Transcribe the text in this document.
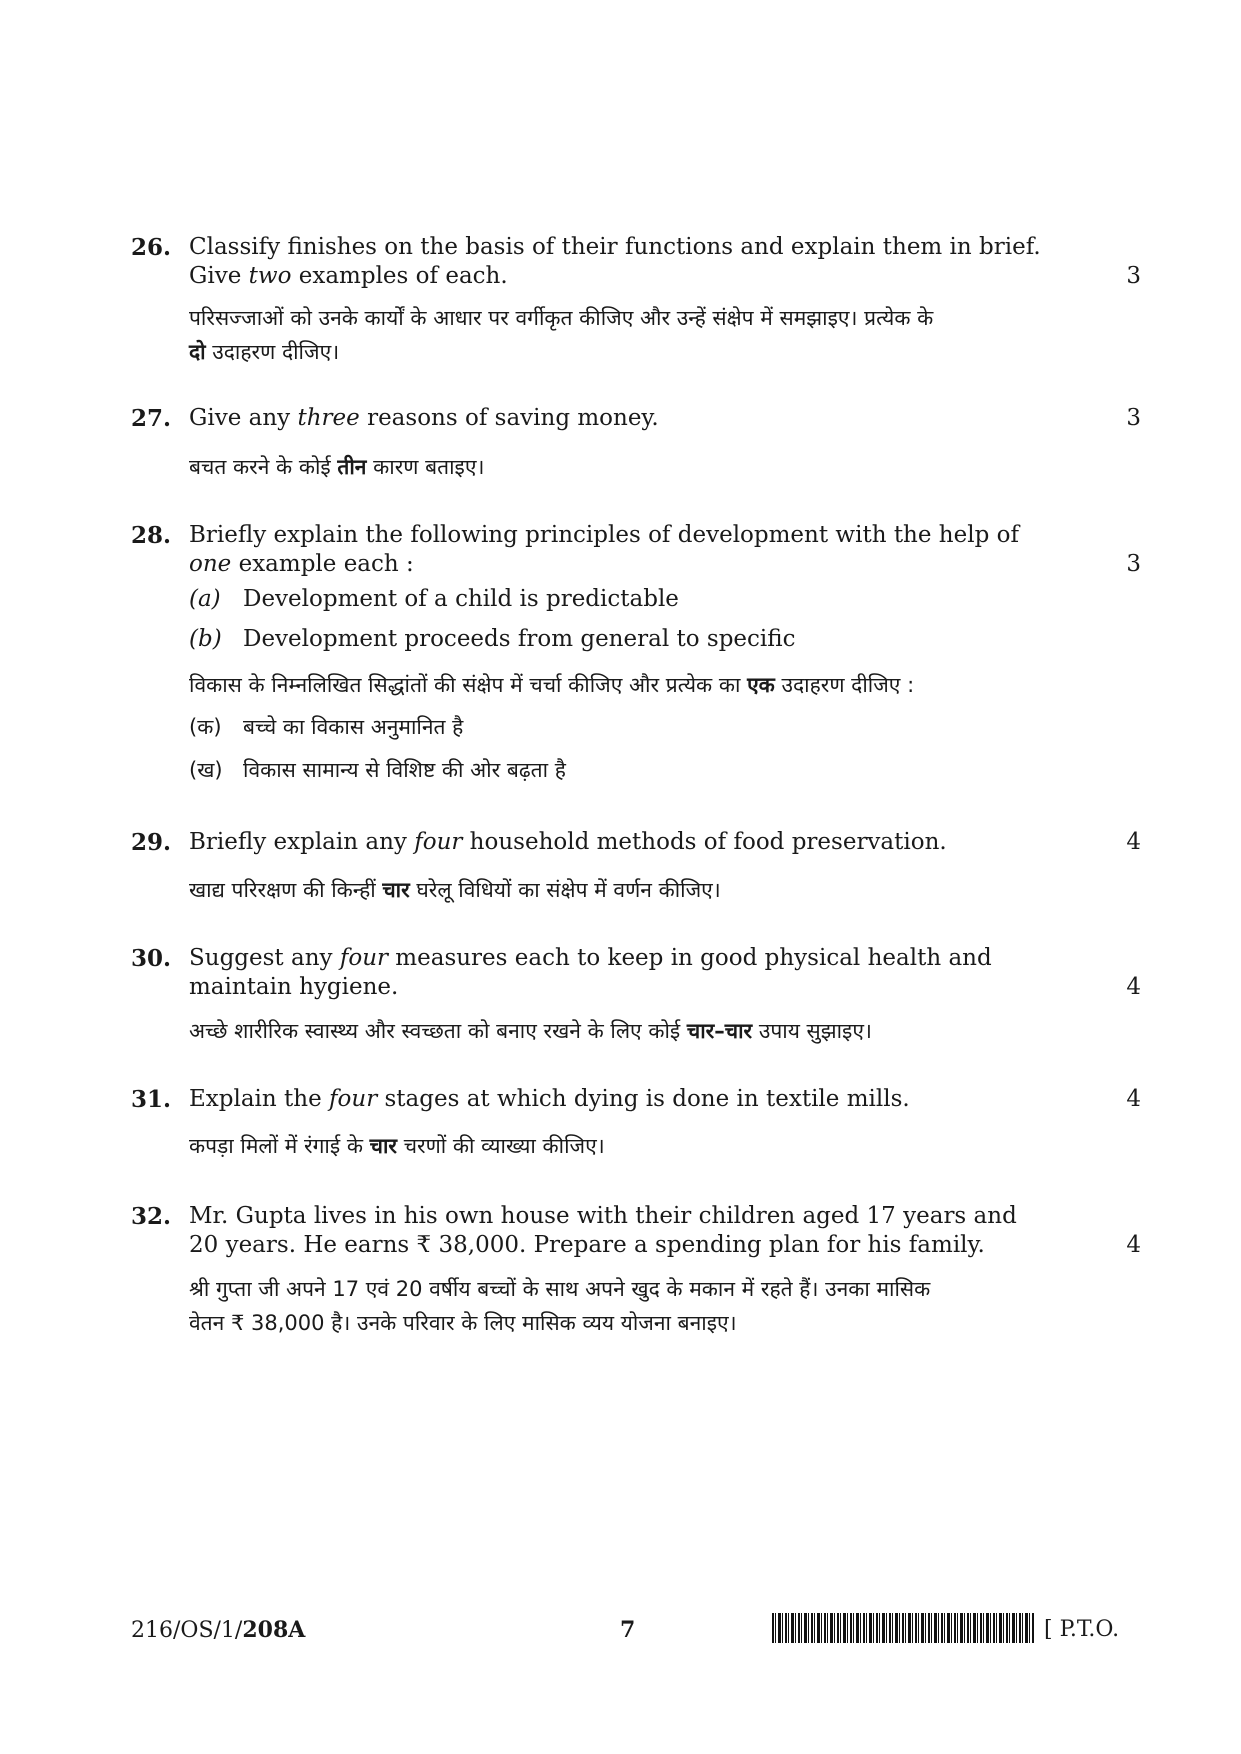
26. Classify finishes on the basis of their functions and explain them in brief.
Give two examples of each.	3
परिसज्जाओं को उनके कार्यों के आधार पर वर्गीकृत कीजिए और उन्हें संक्षेप में समझाइए। प्रत्येक के
दो उदाहरण दीजिए।
27. Give any three reasons of saving money.	3
बचत करने के कोई तीन कारण बताइए।
28. Briefly explain the following principles of development with the help of
one example each :	3
(a) Development of a child is predictable
(b) Development proceeds from general to specific
विकास के निम्नलिखित सिद्धांतों की संक्षेप में चर्चा कीजिए और प्रत्येक का एक उदाहरण दीजिए :
(क) बच्चे का विकास अनुमानित है
(ख) विकास सामान्य से विशिष्ट की ओर बढ़ता है
29. Briefly explain any four household methods of food preservation.	4
खाद्य परिरक्षण की किन्हीं चार घरेलू विधियों का संक्षेप में वर्णन कीजिए।
30. Suggest any four measures each to keep in good physical health and
maintain hygiene.	4
अच्छे शारीरिक स्वास्थ्य और स्वच्छता को बनाए रखने के लिए कोई चार–चार उपाय सुझाइए।
31. Explain the four stages at which dying is done in textile mills.	4
कपड़ा मिलों में रंगाई के चार चरणों की व्याख्या कीजिए।
32. Mr. Gupta lives in his own house with their children aged 17 years and
20 years. He earns ₹ 38,000. Prepare a spending plan for his family.	4
श्री गुप्ता जी अपने 17 एवं 20 वर्षीय बच्चों के साथ अपने खुद के मकान में रहते हैं। उनका मासिक
वेतन ₹ 38,000 है। उनके परिवार के लिए मासिक व्यय योजना बनाइए।
216/OS/1/208A	7	[ P.T.O.
